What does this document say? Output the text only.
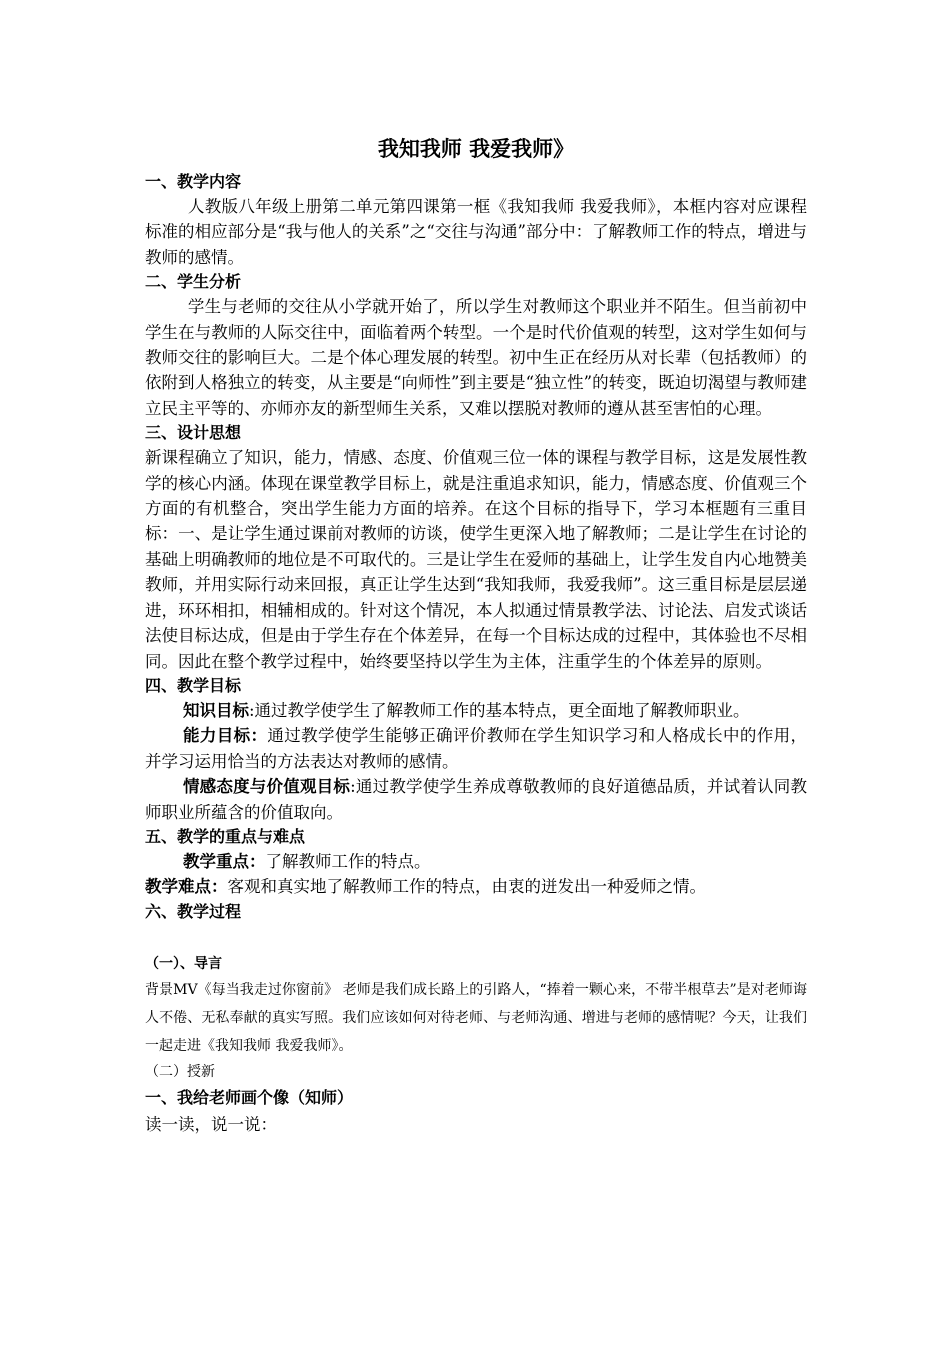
我知我师 我爱我师》

一、教学内容

人教版八年级上册第二单元第四课第一框《我知我师 我爱我师》，本框内容对应课程标准的相应部分是“我与他人的关系”之“交往与沟通”部分中：了解教师工作的特点，增进与教师的感情。

二、学生分析

学生与老师的交往从小学就开始了，所以学生对教师这个职业并不陌生。但当前初中学生在与教师的人际交往中，面临着两个转型。一个是时代价值观的转型，这对学生如何与教师交往的影响巨大。二是个体心理发展的转型。初中生正在经历从对长辈（包括教师）的依附到人格独立的转变，从主要是“向师性”到主要是“独立性”的转变，既迫切渴望与教师建立民主平等的、亦师亦友的新型师生关系，又难以摆脱对教师的遵从甚至害怕的心理。

三、设计思想

新课程确立了知识，能力，情感、态度、价值观三位一体的课程与教学目标，这是发展性教学的核心内涵。体现在课堂教学目标上，就是注重追求知识，能力，情感态度、价值观三个方面的有机整合，突出学生能力方面的培养。在这个目标的指导下，学习本框题有三重目标：一、是让学生通过课前对教师的访谈，使学生更深入地了解教师；二是让学生在讨论的基础上明确教师的地位是不可取代的。三是让学生在爱师的基础上，让学生发自内心地赞美教师，并用实际行动来回报，真正让学生达到“我知我师，我爱我师”。这三重目标是层层递进，环环相扣，相辅相成的。针对这个情况，本人拟通过情景教学法、讨论法、启发式谈话法使目标达成，但是由于学生存在个体差异，在每一个目标达成的过程中，其体验也不尽相同。因此在整个教学过程中，始终要坚持以学生为主体，注重学生的个体差异的原则。

四、教学目标

知识目标:通过教学使学生了解教师工作的基本特点，更全面地了解教师职业。

能力目标：通过教学使学生能够正确评价教师在学生知识学习和人格成长中的作用，并学习运用恰当的方法表达对教师的感情。

情感态度与价值观目标:通过教学使学生养成尊敬教师的良好道德品质，并试着认同教师职业所蕴含的价值取向。

五、教学的重点与难点

教学重点：了解教师工作的特点。

教学难点：客观和真实地了解教师工作的特点，由衷的迸发出一种爱师之情。

六、教学过程

（一）、导言

背景MV《每当我走过你窗前》 老师是我们成长路上的引路人，“捧着一颗心来，不带半根草去”是对老师诲人不倦、无私奉献的真实写照。我们应该如何对待老师、与老师沟通、增进与老师的感情呢？今天，让我们一起走进《我知我师 我爱我师》。

（二）授新

一、我给老师画个像（知师）

读一读，说一说：
